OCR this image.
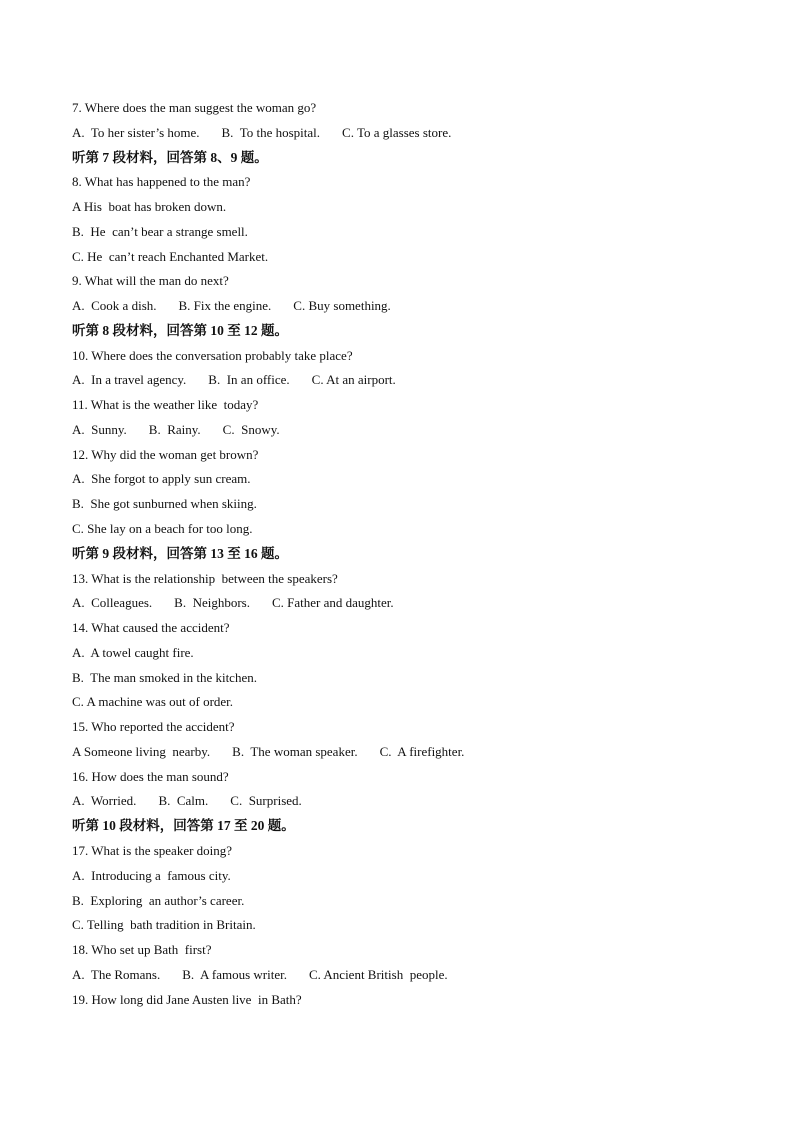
7. Where does the man suggest the woman go?
A.  To her sister’s home. B.  To the hospital. C. To a glasses store.
听第 7 段材料，回答第 8、9 题。
8. What has happened to the man?
A His  boat has broken down.
B.  He  can’t bear a strange smell.
C. He  can’t reach Enchanted Market.
9. What will the man do next?
A.  Cook a dish. B. Fix the engine. C. Buy something.
听第 8 段材料，回答第 10 至 12 题。
10. Where does the conversation probably take place?
A.  In a travel agency. B.  In an office. C. At an airport.
11. What is the weather like  today?
A.  Sunny. B.  Rainy. C.  Snowy.
12. Why did the woman get brown?
A.  She forgot to apply sun cream.
B.  She got sunburned when skiing.
C. She lay on a beach for too long.
听第 9 段材料，回答第 13 至 16 题。
13. What is the relationship  between the speakers?
A.  Colleagues. B.  Neighbors. C. Father and daughter.
14. What caused the accident?
A.  A towel caught fire.
B.  The man smoked in the kitchen.
C. A machine was out of order.
15. Who reported the accident?
A Someone living  nearby. B.  The woman speaker. C.  A firefighter.
16. How does the man sound?
A.  Worried. B.  Calm. C.  Surprised.
听第 10 段材料，回答第 17 至 20 题。
17. What is the speaker doing?
A.  Introducing a  famous city.
B.  Exploring  an author’s career.
C. Telling  bath tradition in Britain.
18. Who set up Bath  first?
A.  The Romans. B.  A famous writer. C. Ancient British  people.
19. How long did Jane Austen live  in Bath?
